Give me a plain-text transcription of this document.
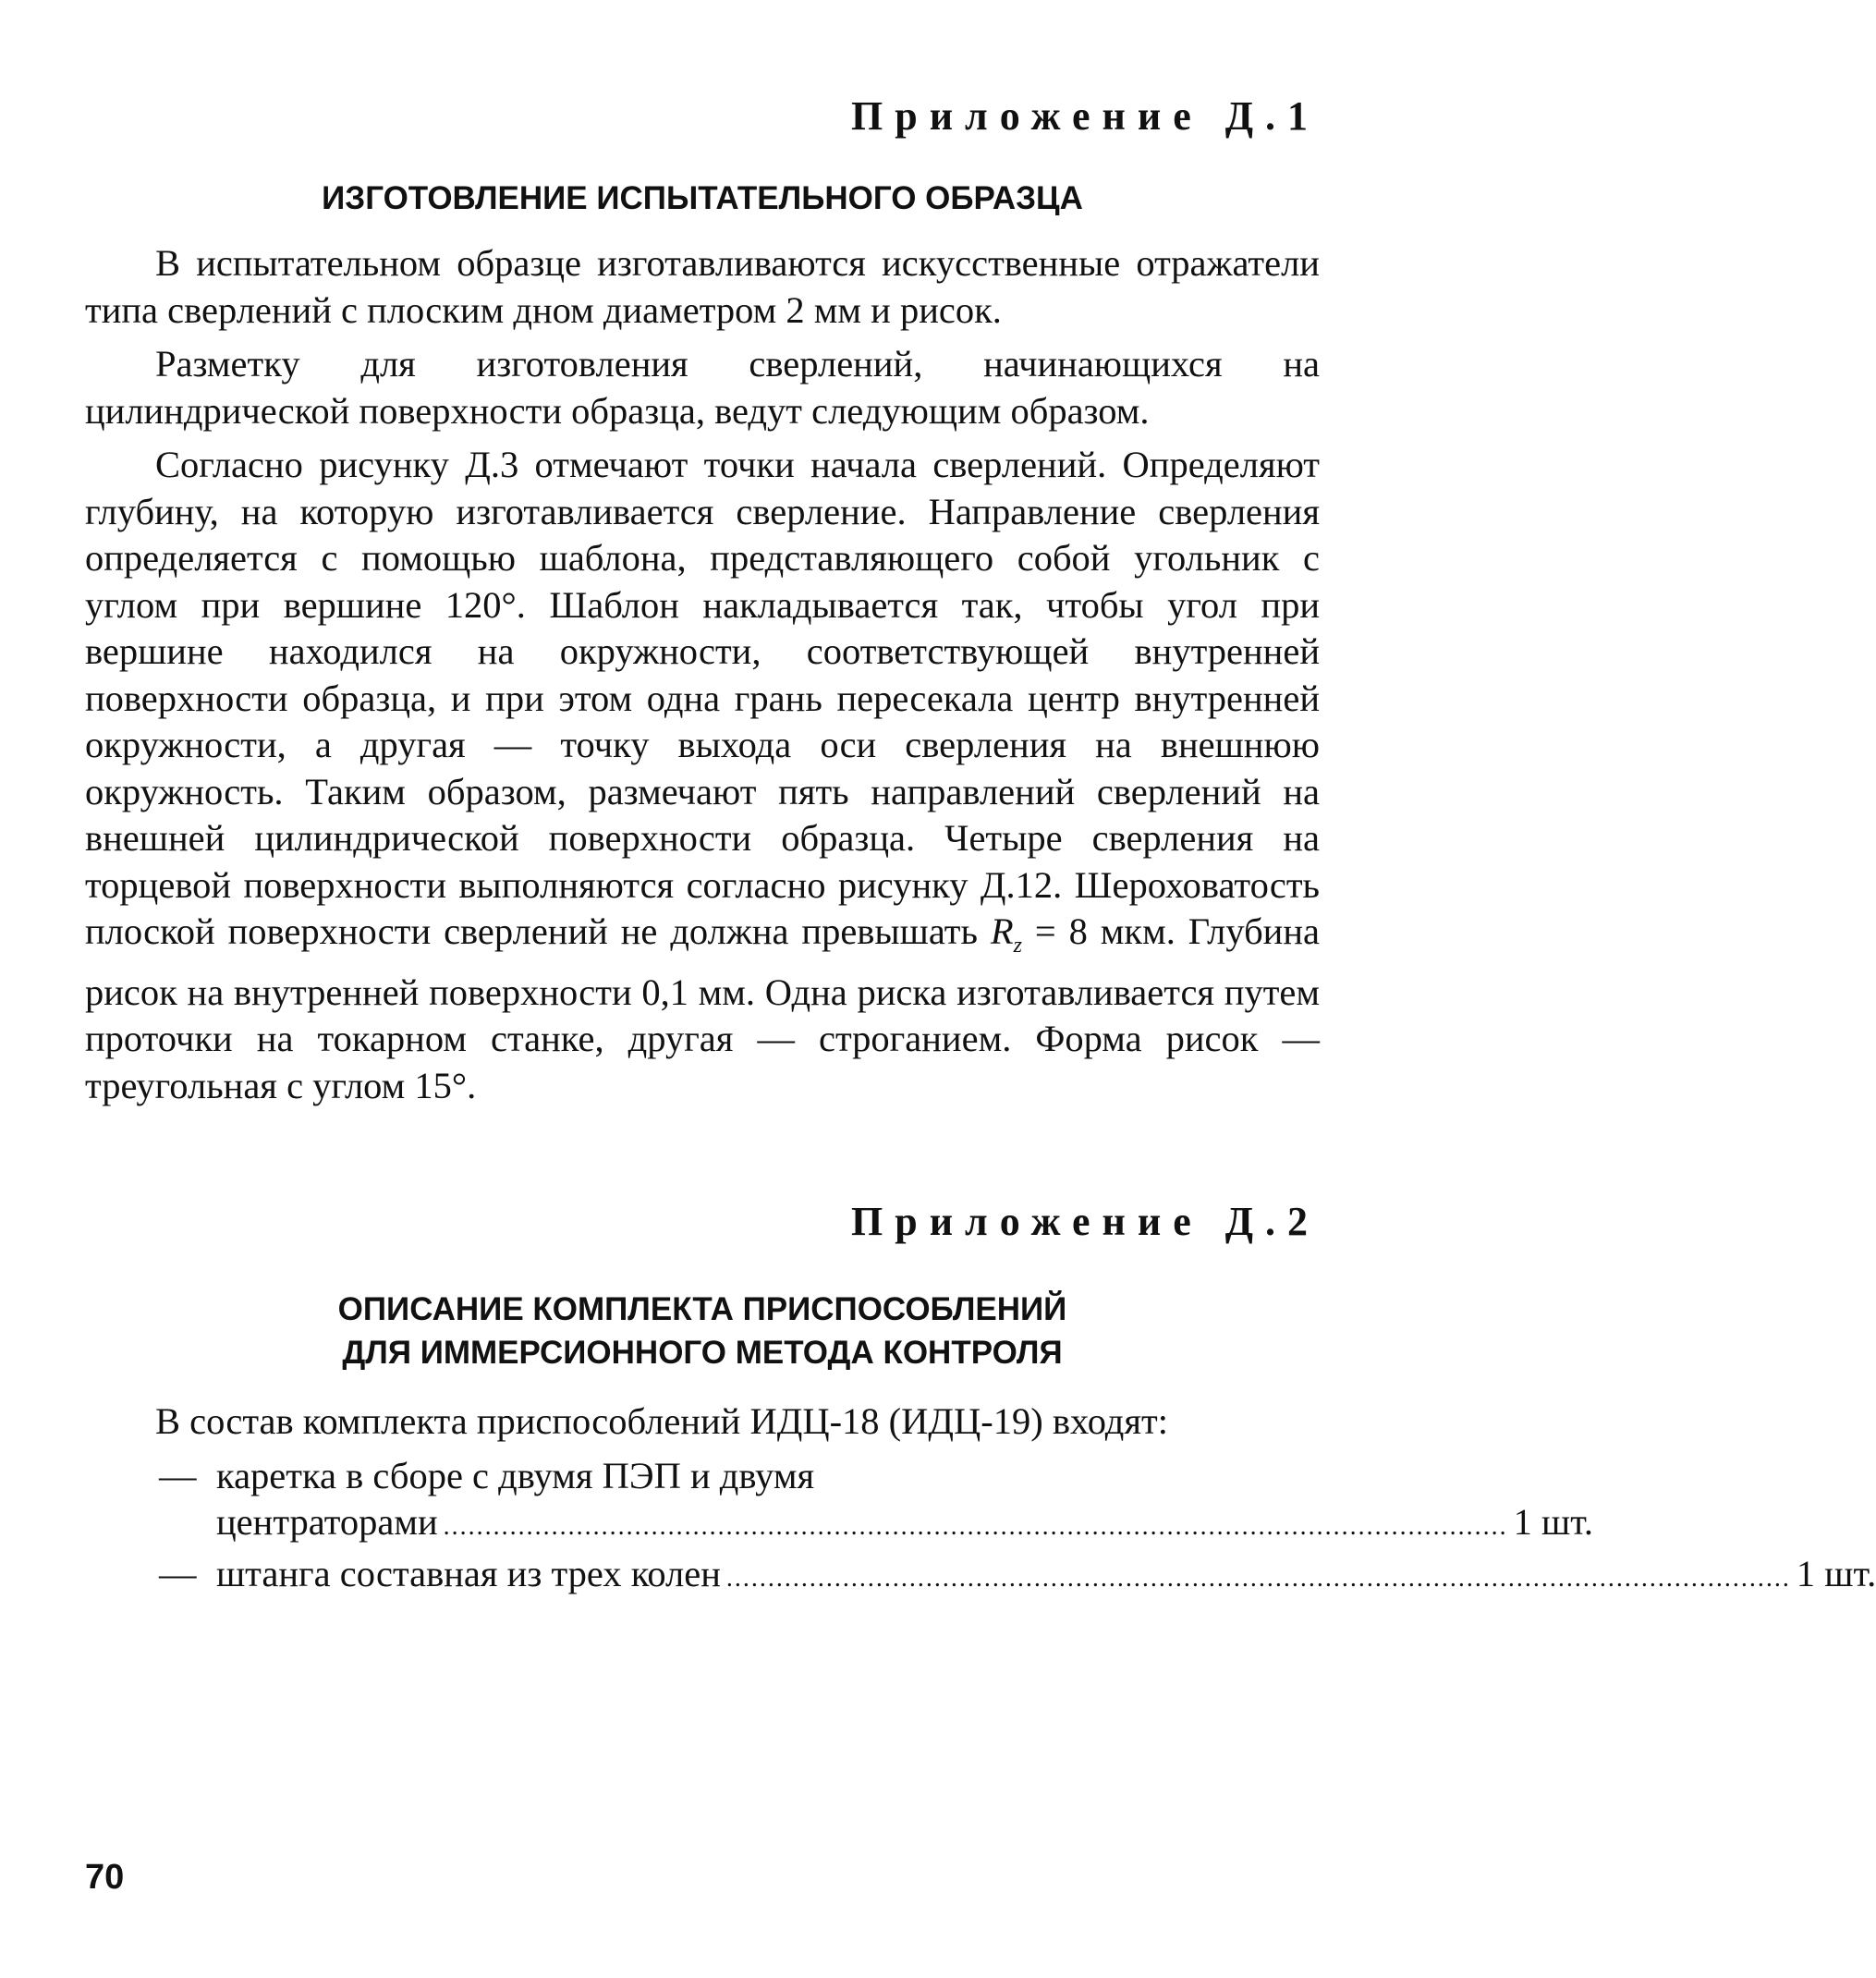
Приложение Д.1

ИЗГОТОВЛЕНИЕ ИСПЫТАТЕЛЬНОГО ОБРАЗЦА

В испытательном образце изготавливаются искусственные отражатели типа сверлений с плоским дном диаметром 2 мм и рисок.

Разметку для изготовления сверлений, начинающихся на цилиндрической поверхности образца, ведут следующим образом.

Согласно рисунку Д.3 отмечают точки начала сверлений. Определяют глубину, на которую изготавливается сверление. Направление сверления определяется с помощью шаблона, представляющего собой угольник с углом при вершине 120°. Шаблон накладывается так, чтобы угол при вершине находился на окружности, соответствующей внутренней поверхности образца, и при этом одна грань пересекала центр внутренней окружности, а другая — точку выхода оси сверления на внешнюю окружность. Таким образом, размечают пять направлений сверлений на внешней цилиндрической поверхности образца. Четыре сверления на торцевой поверхности выполняются согласно рисунку Д.12. Шероховатость плоской поверхности сверлений не должна превышать $R_z = 8$ мкм. Глубина рисок на внутренней поверхности 0,1 мм. Одна риска изготавливается путем проточки на токарном станке, другая — строганием. Форма рисок — треугольная с углом 15°.

Приложение Д.2

ОПИСАНИЕ КОМПЛЕКТА ПРИСПОСОБЛЕНИЙ
ДЛЯ ИММЕРСИОННОГО МЕТОДА КОНТРОЛЯ

В состав комплекта приспособлений ИДЦ-18 (ИДЦ-19) входят:

— каретка в сборе с двумя ПЭП и двумя
центраторами ................................................................................................................................ 1 шт.
— штанга составная из трех колен ................................................................................................................................ 1 шт.
70
